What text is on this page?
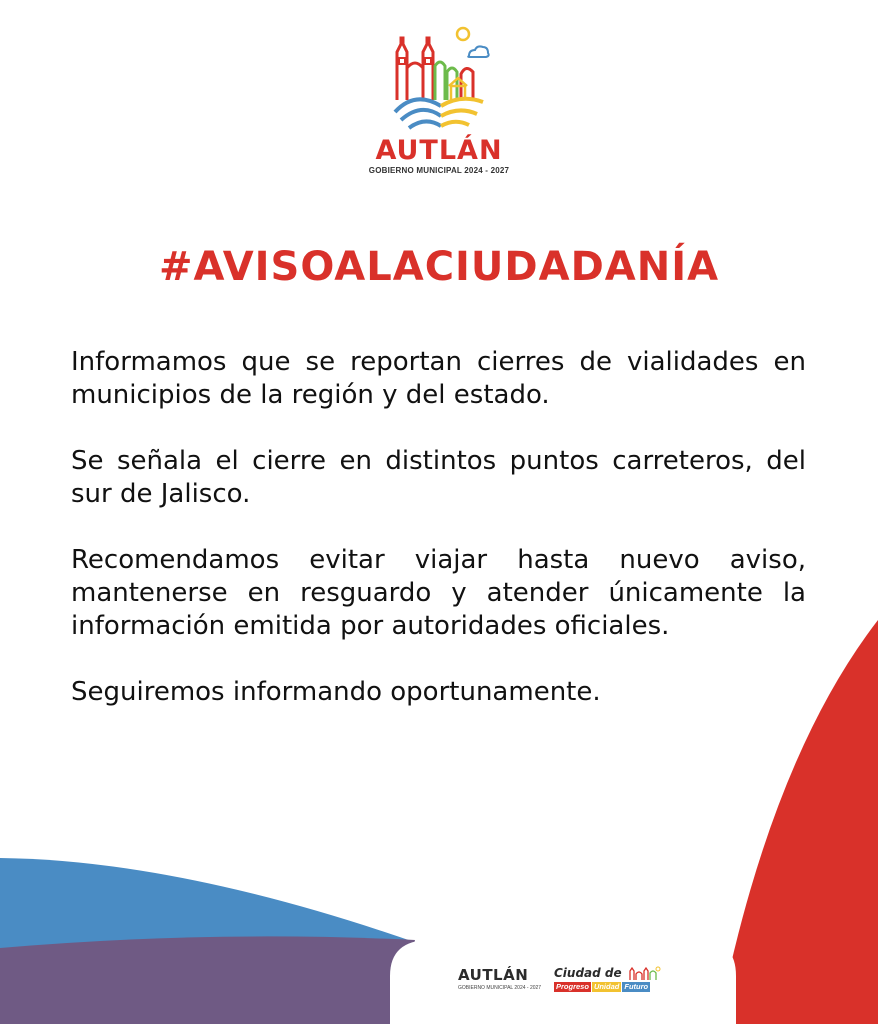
AUTLÁN
GOBIERNO MUNICIPAL 2024 - 2027
#AVISOALACIUDADANÍA

Informamos que se reportan cierres de vialidades en municipios de la región y del estado.

Se señala el cierre en distintos puntos carreteros, del sur de Jalisco.

Recomendamos evitar viajar hasta nuevo aviso, mantenerse en resguardo y atender únicamente la información emitida por autoridades oficiales.

Seguiremos informando oportunamente.

AUTLÁN
GOBIERNO MUNICIPAL 2024 - 2027
Ciudad de
Progreso Unidad Futuro
